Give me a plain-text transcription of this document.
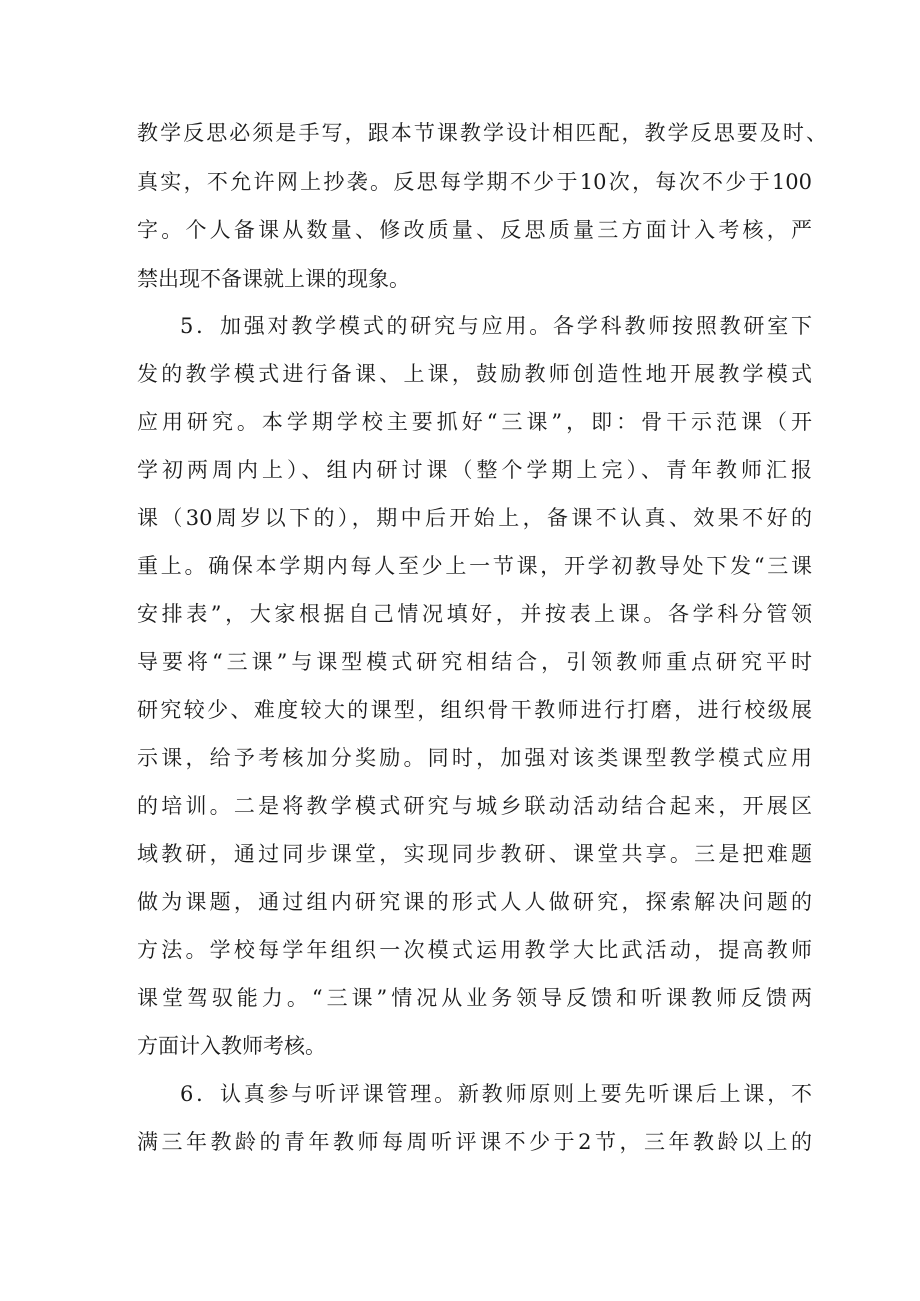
教学反思必须是手写，跟本节课教学设计相匹配，教学反思要及时、
真实，不允许网上抄袭。反思每学期不少于10次，每次不少于100
字。个人备课从数量、修改质量、反思质量三方面计入考核，严
禁出现不备课就上课的现象。
5．加强对教学模式的研究与应用。各学科教师按照教研室下
发的教学模式进行备课、上课，鼓励教师创造性地开展教学模式
应用研究。本学期学校主要抓好“三课”，即：骨干示范课（开
学初两周内上）、组内研讨课（整个学期上完）、青年教师汇报
课（30周岁以下的），期中后开始上，备课不认真、效果不好的
重上。确保本学期内每人至少上一节课，开学初教导处下发“三课
安排表”，大家根据自己情况填好，并按表上课。各学科分管领
导要将“三课”与课型模式研究相结合，引领教师重点研究平时
研究较少、难度较大的课型，组织骨干教师进行打磨，进行校级展
示课，给予考核加分奖励。同时，加强对该类课型教学模式应用
的培训。二是将教学模式研究与城乡联动活动结合起来，开展区
域教研，通过同步课堂，实现同步教研、课堂共享。三是把难题
做为课题，通过组内研究课的形式人人做研究，探索解决问题的
方法。学校每学年组织一次模式运用教学大比武活动，提高教师
课堂驾驭能力。“三课”情况从业务领导反馈和听课教师反馈两
方面计入教师考核。
6．认真参与听评课管理。新教师原则上要先听课后上课，不
满三年教龄的青年教师每周听评课不少于2节，三年教龄以上的
